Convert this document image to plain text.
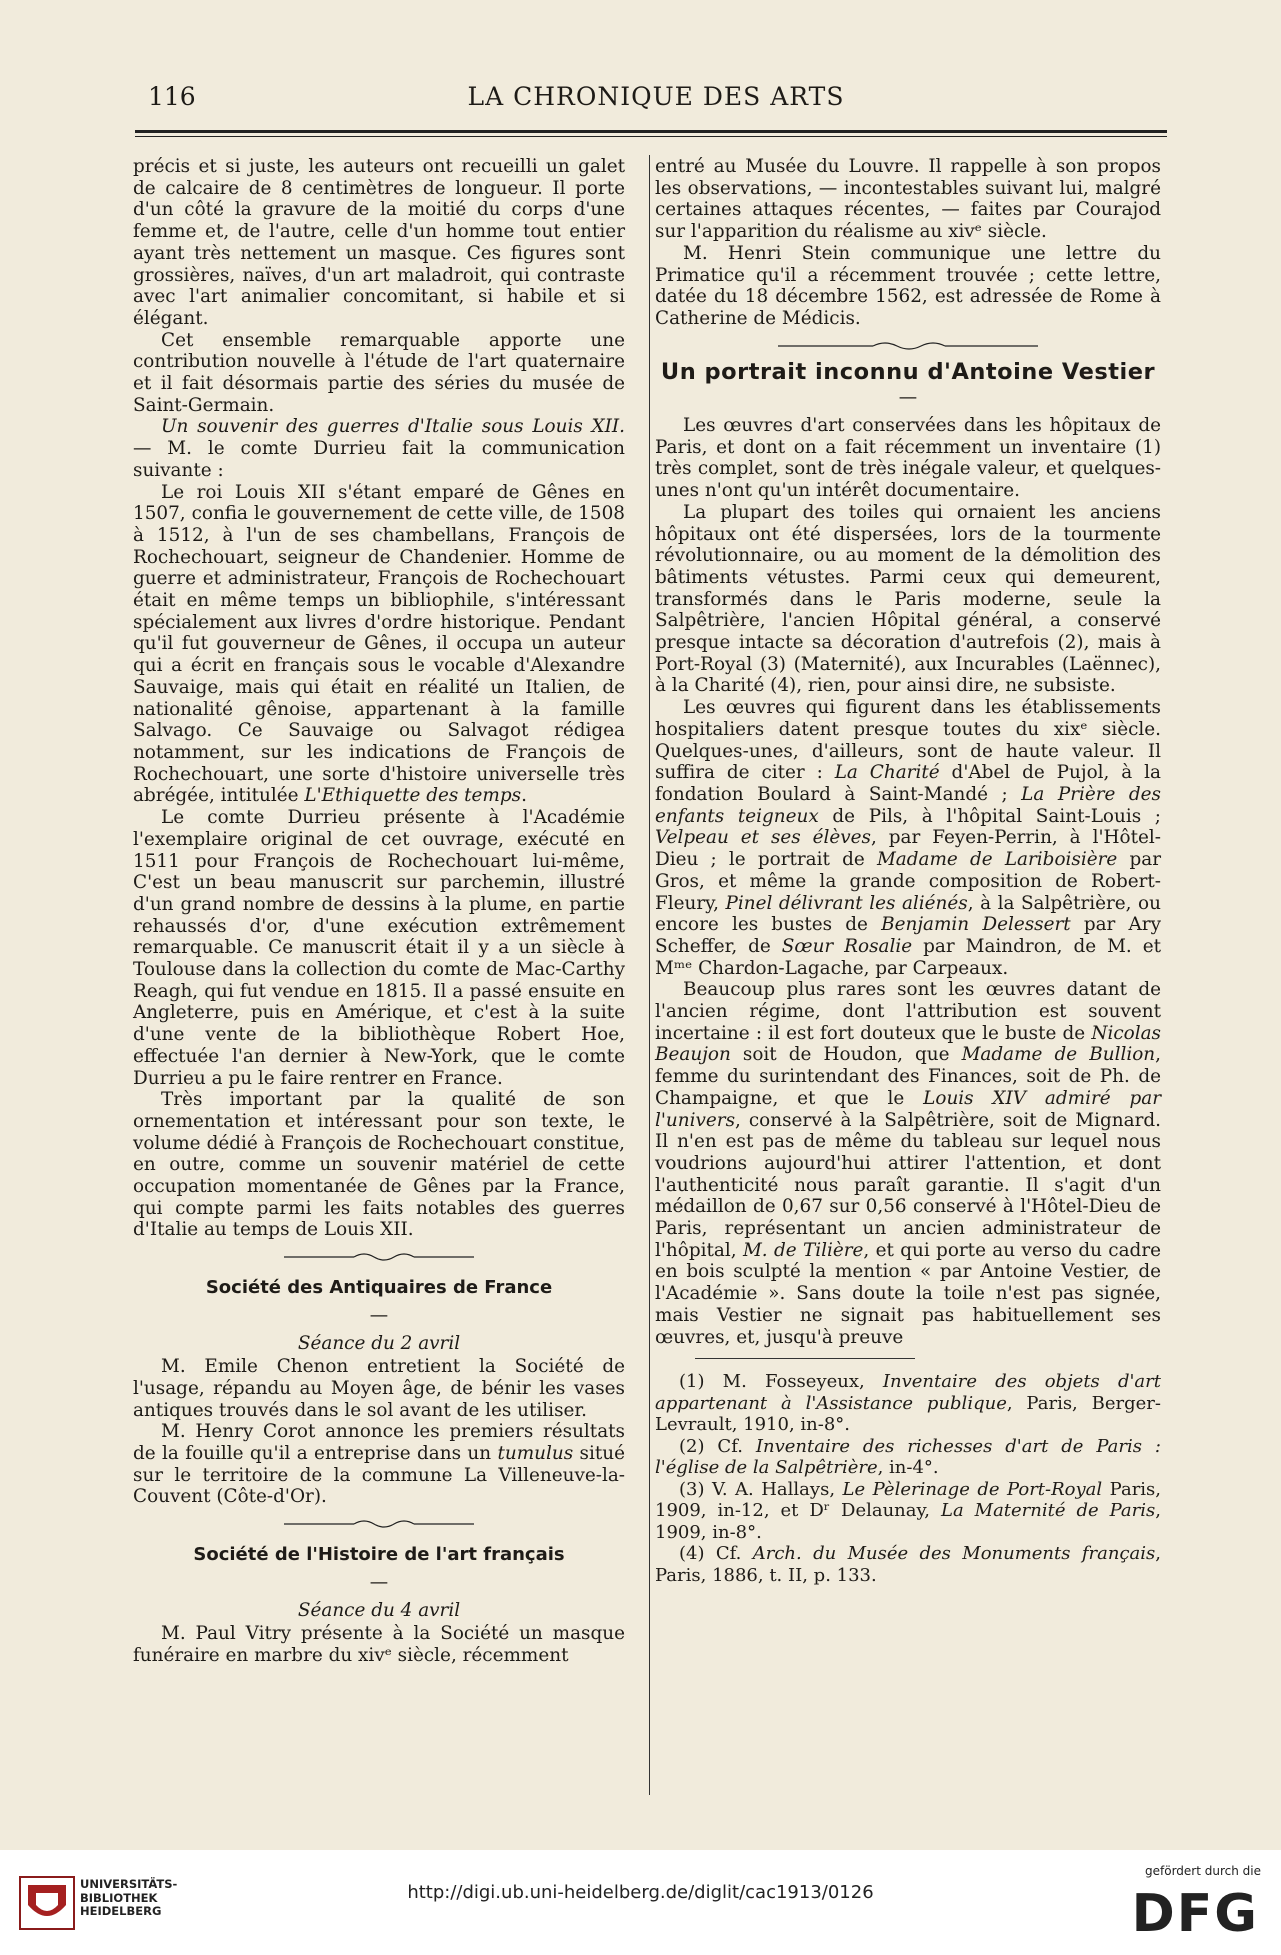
116	LA CHRONIQUE DES ARTS

précis et si juste, les auteurs ont recueilli un galet de calcaire de 8 centimètres de longueur. Il porte d'un côté la gravure de la moitié du corps d'une femme et, de l'autre, celle d'un homme tout entier ayant très nettement un masque. Ces figures sont grossières, naïves, d'un art maladroit, qui contraste avec l'art animalier concomitant, si habile et si élégant.

Cet ensemble remarquable apporte une contribution nouvelle à l'étude de l'art quaternaire et il fait désormais partie des séries du musée de Saint-Germain.

Un souvenir des guerres d'Italie sous Louis XII. — M. le comte Durrieu fait la communication suivante :

Le roi Louis XII s'étant emparé de Gênes en 1507, confia le gouvernement de cette ville, de 1508 à 1512, à l'un de ses chambellans, François de Rochechouart, seigneur de Chandenier. Homme de guerre et administrateur, François de Rochechouart était en même temps un bibliophile, s'intéressant spécialement aux livres d'ordre historique. Pendant qu'il fut gouverneur de Gênes, il occupa un auteur qui a écrit en français sous le vocable d'Alexandre Sauvaige, mais qui était en réalité un Italien, de nationalité gênoise, appartenant à la famille Salvago. Ce Sauvaige ou Salvagot rédigea notamment, sur les indications de François de Rochechouart, une sorte d'histoire universelle très abrégée, intitulée L'Ethiquette des temps.

Le comte Durrieu présente à l'Académie l'exemplaire original de cet ouvrage, exécuté en 1511 pour François de Rochechouart lui-même, C'est un beau manuscrit sur parchemin, illustré d'un grand nombre de dessins à la plume, en partie rehaussés d'or, d'une exécution extrêmement remarquable. Ce manuscrit était il y a un siècle à Toulouse dans la collection du comte de Mac-Carthy Reagh, qui fut vendue en 1815. Il a passé ensuite en Angleterre, puis en Amérique, et c'est à la suite d'une vente de la bibliothèque Robert Hoe, effectuée l'an dernier à New-York, que le comte Durrieu a pu le faire rentrer en France.

Très important par la qualité de son ornementation et intéressant pour son texte, le volume dédié à François de Rochechouart constitue, en outre, comme un souvenir matériel de cette occupation momentanée de Gênes par la France, qui compte parmi les faits notables des guerres d'Italie au temps de Louis XII.

Société des Antiquaires de France
—
Séance du 2 avril

M. Emile Chenon entretient la Société de l'usage, répandu au Moyen âge, de bénir les vases antiques trouvés dans le sol avant de les utiliser.

M. Henry Corot annonce les premiers résultats de la fouille qu'il a entreprise dans un tumulus situé sur le territoire de la commune La Villeneuve-la-Couvent (Côte-d'Or).

Société de l'Histoire de l'art français
—
Séance du 4 avril

M. Paul Vitry présente à la Société un masque funéraire en marbre du xivᵉ siècle, récemment

entré au Musée du Louvre. Il rappelle à son propos les observations, — incontestables suivant lui, malgré certaines attaques récentes, — faites par Courajod sur l'apparition du réalisme au xivᵉ siècle.

M. Henri Stein communique une lettre du Primatice qu'il a récemment trouvée ; cette lettre, datée du 18 décembre 1562, est adressée de Rome à Catherine de Médicis.

Un portrait inconnu d'Antoine Vestier
—

Les œuvres d'art conservées dans les hôpitaux de Paris, et dont on a fait récemment un inventaire (1) très complet, sont de très inégale valeur, et quelques-unes n'ont qu'un intérêt documentaire.

La plupart des toiles qui ornaient les anciens hôpitaux ont été dispersées, lors de la tourmente révolutionnaire, ou au moment de la démolition des bâtiments vétustes. Parmi ceux qui demeurent, transformés dans le Paris moderne, seule la Salpêtrière, l'ancien Hôpital général, a conservé presque intacte sa décoration d'autrefois (2), mais à Port-Royal (3) (Maternité), aux Incurables (Laënnec), à la Charité (4), rien, pour ainsi dire, ne subsiste.

Les œuvres qui figurent dans les établissements hospitaliers datent presque toutes du xixᵉ siècle. Quelques-unes, d'ailleurs, sont de haute valeur. Il suffira de citer : La Charité d'Abel de Pujol, à la fondation Boulard à Saint-Mandé ; La Prière des enfants teigneux de Pils, à l'hôpital Saint-Louis ; Velpeau et ses élèves, par Feyen-Perrin, à l'Hôtel-Dieu ; le portrait de Madame de Lariboisière par Gros, et même la grande composition de Robert-Fleury, Pinel délivrant les aliénés, à la Salpêtrière, ou encore les bustes de Benjamin Delessert par Ary Scheffer, de Sœur Rosalie par Maindron, de M. et Mᵐᵉ Chardon-Lagache, par Carpeaux.

Beaucoup plus rares sont les œuvres datant de l'ancien régime, dont l'attribution est souvent incertaine : il est fort douteux que le buste de Nicolas Beaujon soit de Houdon, que Madame de Bullion, femme du surintendant des Finances, soit de Ph. de Champaigne, et que le Louis XIV admiré par l'univers, conservé à la Salpêtrière, soit de Mignard. Il n'en est pas de même du tableau sur lequel nous voudrions aujourd'hui attirer l'attention, et dont l'authenticité nous paraît garantie. Il s'agit d'un médaillon de 0,67 sur 0,56 conservé à l'Hôtel-Dieu de Paris, représentant un ancien administrateur de l'hôpital, M. de Tilière, et qui porte au verso du cadre en bois sculpté la mention « par Antoine Vestier, de l'Académie ». Sans doute la toile n'est pas signée, mais Vestier ne signait pas habituellement ses œuvres, et, jusqu'à preuve

(1) M. Fosseyeux, Inventaire des objets d'art appartenant à l'Assistance publique, Paris, Berger-Levrault, 1910, in-8°.

(2) Cf. Inventaire des richesses d'art de Paris : l'église de la Salpêtrière, in-4°.

(3) V. A. Hallays, Le Pèlerinage de Port-Royal Paris, 1909, in-12, et Dʳ Delaunay, La Maternité de Paris, 1909, in-8°.

(4) Cf. Arch. du Musée des Monuments français, Paris, 1886, t. II, p. 133.

UNIVERSITÄTS-
BIBLIOTHEK
HEIDELBERG
http://digi.ub.uni-heidelberg.de/diglit/cac1913/0126
gefördert durch die
DFG
